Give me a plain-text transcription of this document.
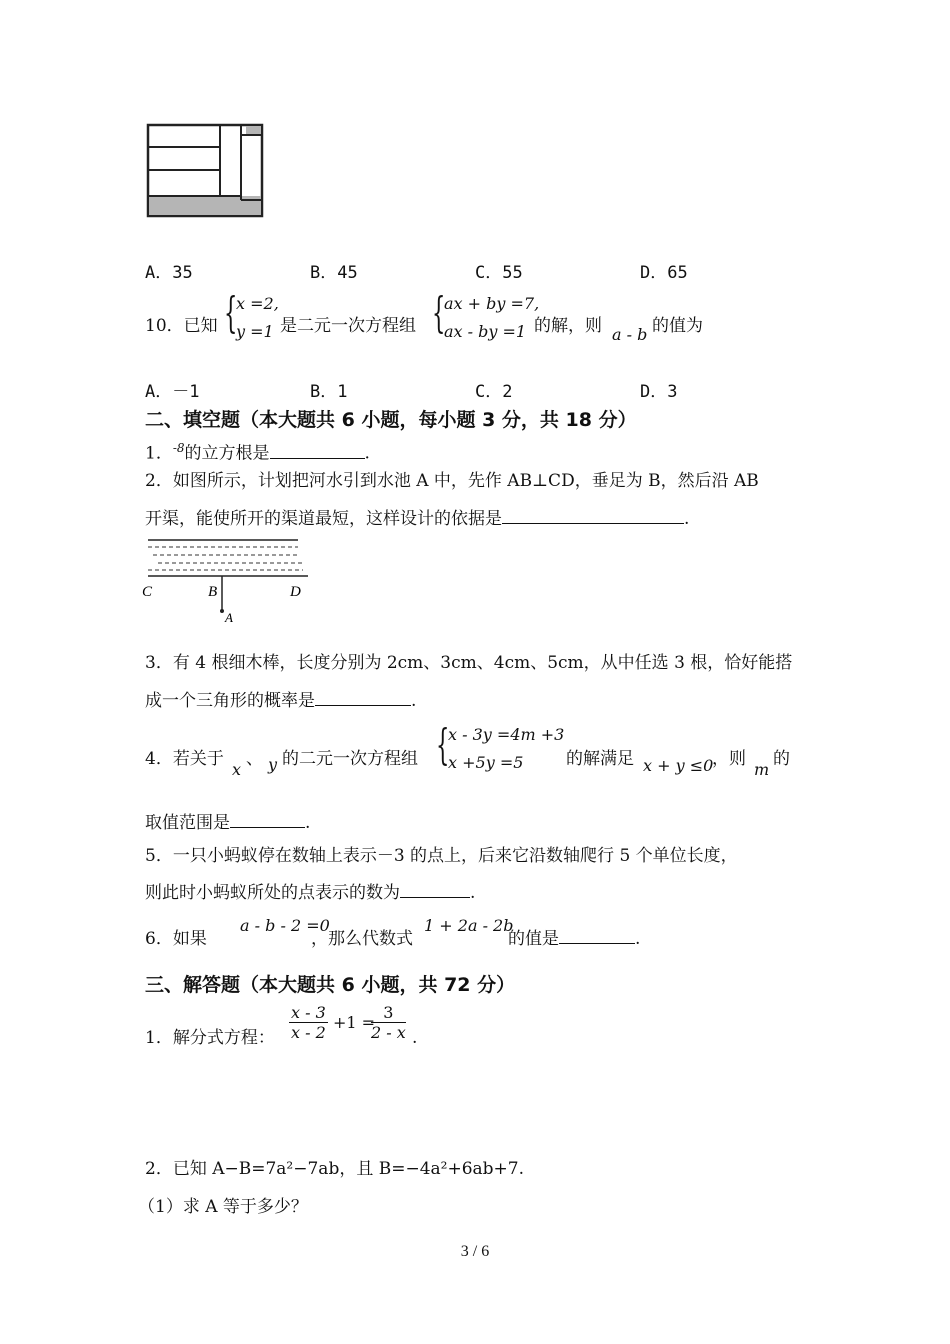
A．35	B．45	C．55	D．65
10．已知 {
x =2,
y =1 是二元一次方程组 {
ax + by =7,
ax - by =1 的解，则 a - b 的值为
A．－1	B．1	C．2	D．3
二、填空题（本大题共 6 小题，每小题 3 分，共 18 分）
1．$^{-8}$的立方根是	.
2．如图所示，计划把河水引到水池 A 中，先作 AB⊥CD，垂足为 B，然后沿 AB
开渠，能使所开的渠道最短，这样设计的依据是	.
C	B	D
A
3．有 4 根细木棒，长度分别为 2cm、3cm、4cm、5cm，从中任选 3 根，恰好能搭
成一个三角形的概率是	.
4．若关于
x
、 y 的二元一次方程组 {
x - 3y =4m +3
x +5y =5	的解满足 x + y ≤0
，则
m
的
取值范围是	.
5．一只小蚂蚁停在数轴上表示－3 的点上，后来它沿数轴爬行 5 个单位长度，
则此时小蚂蚁所处的点表示的数为	.
6．如果
a - b - 2 =0
，那么代数式
1 + 2a - 2b
的值是	.
三、解答题（本大题共 6 小题，共 72 分）
1．解分式方程： $\frac{x - 3}{x - 2} +1$ =
$\frac{3}{2 - x}$ .
2．已知 A−B=7a²−7ab，且 B=−4a²+6ab+7.
（1）求 A 等于多少？
3 / 6
